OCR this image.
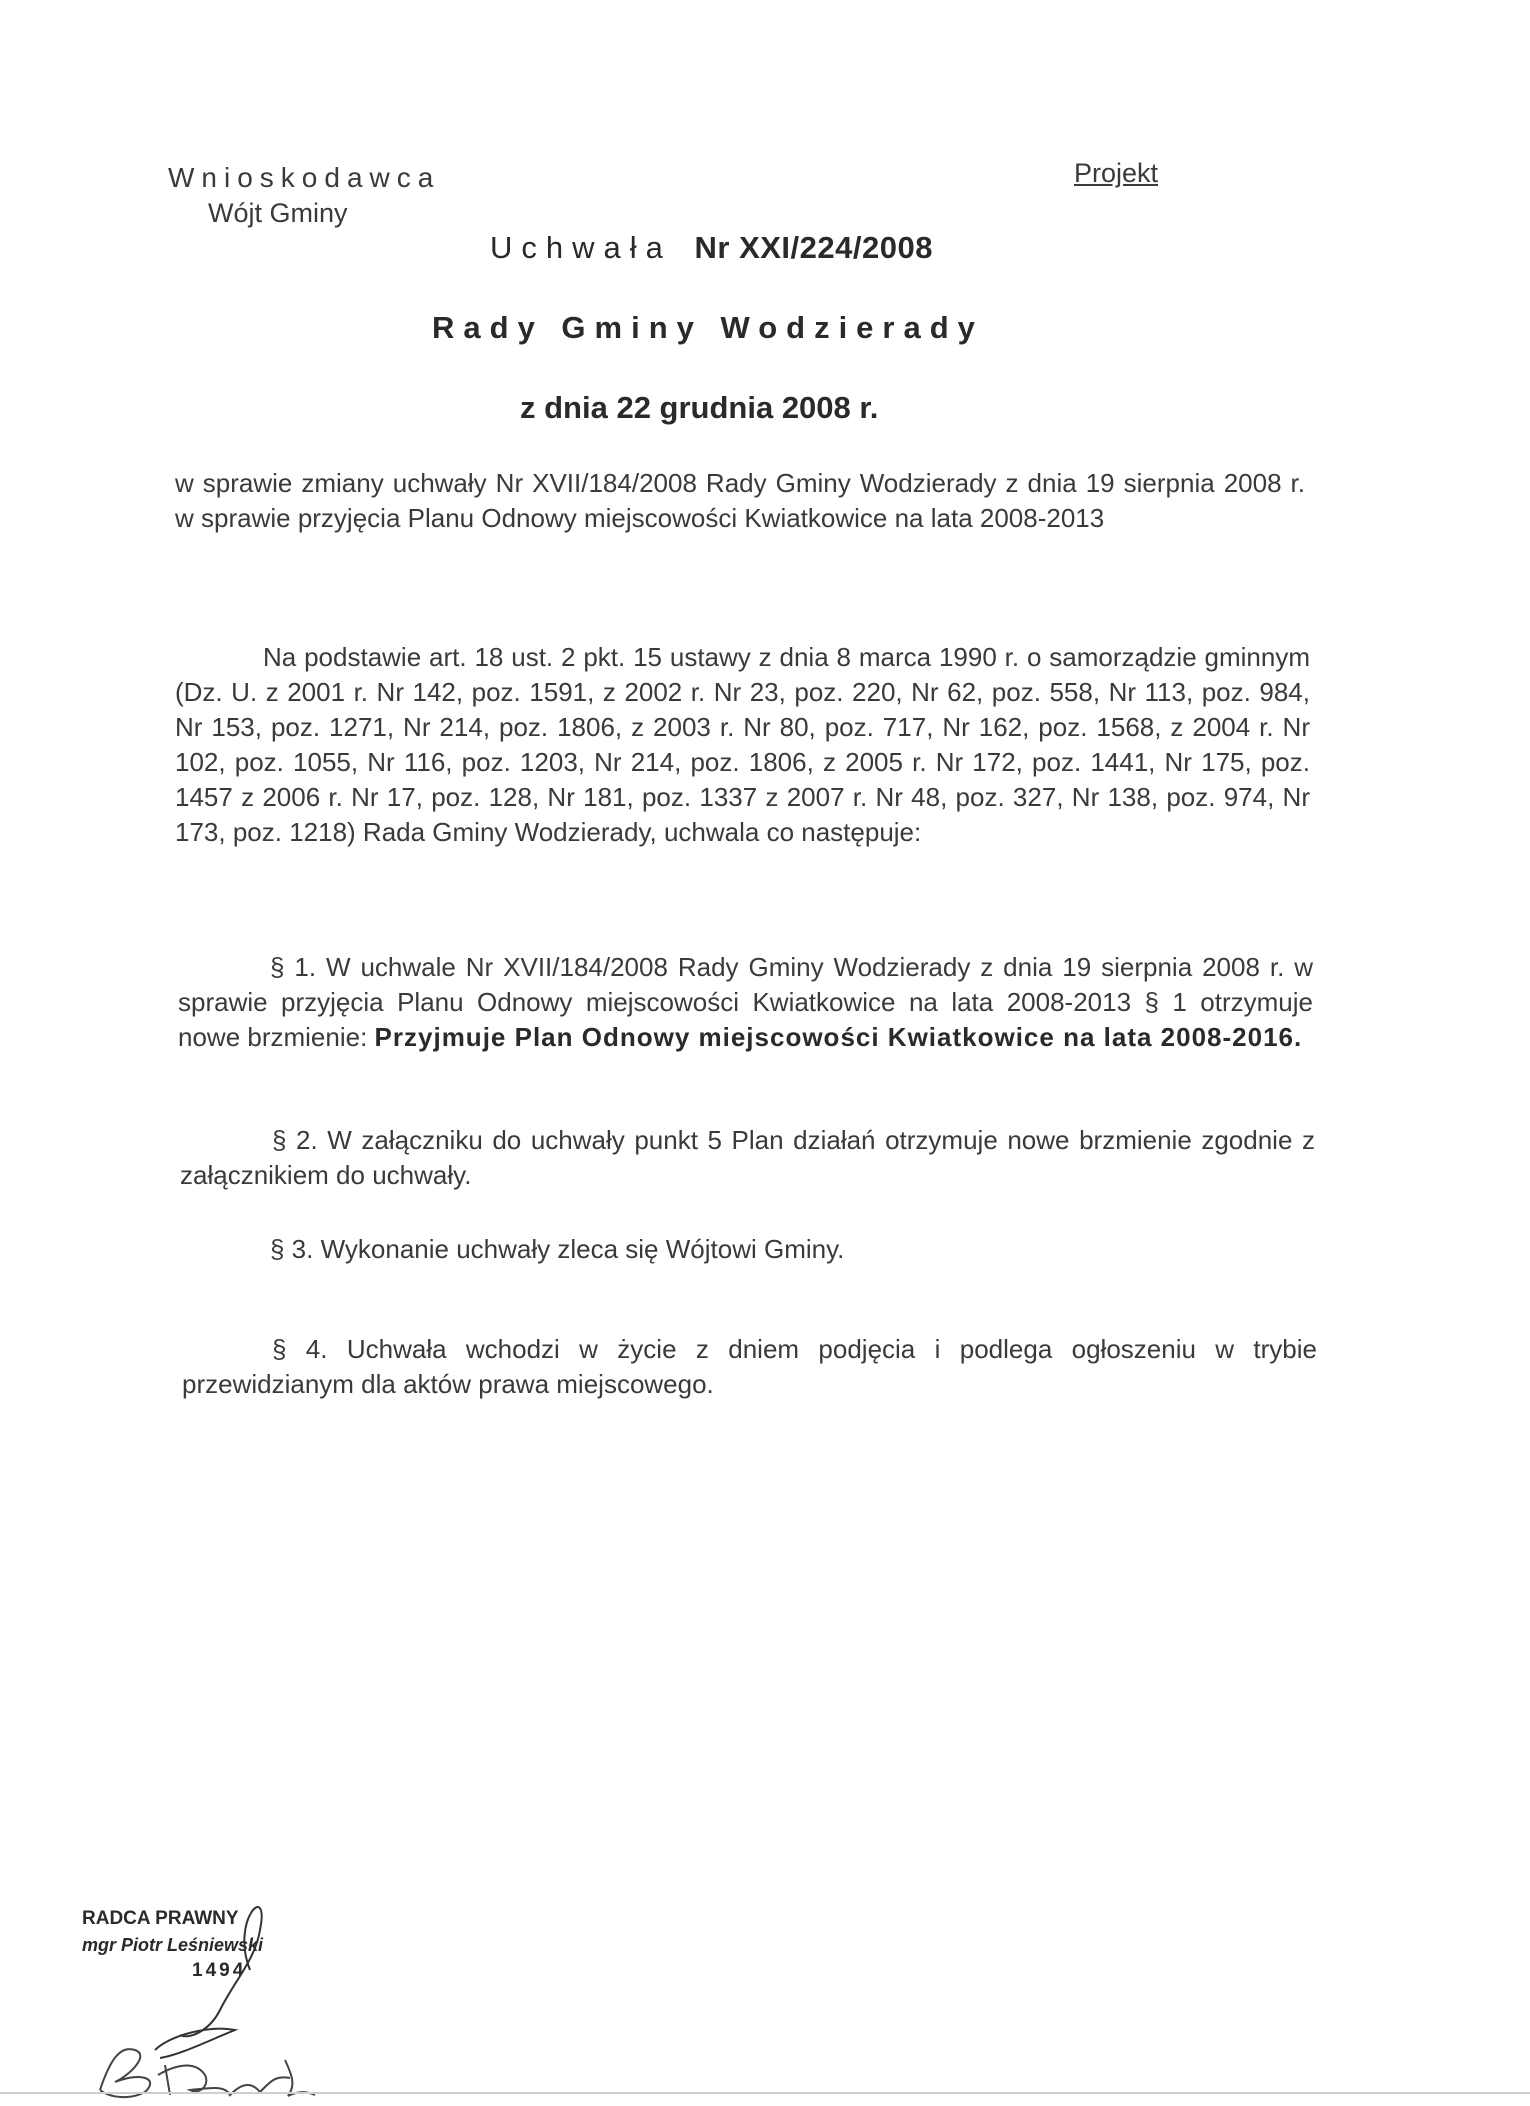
Wnioskodawca
Wójt Gminy
Projekt
Uchwała Nr XXI/224/2008
Rady Gminy Wodzierady
z dnia 22 grudnia 2008 r.
w sprawie zmiany uchwały Nr XVII/184/2008 Rady Gminy Wodzierady z dnia 19 sierpnia 2008 r. w sprawie przyjęcia Planu Odnowy miejscowości Kwiatkowice na lata 2008-2013
Na podstawie art. 18 ust. 2 pkt. 15 ustawy z dnia 8 marca 1990 r. o samorządzie gminnym (Dz. U. z 2001 r. Nr 142, poz. 1591, z 2002 r. Nr 23, poz. 220, Nr 62, poz. 558, Nr 113, poz. 984, Nr 153, poz. 1271, Nr 214, poz. 1806, z 2003 r. Nr 80, poz. 717, Nr 162, poz. 1568, z 2004 r. Nr 102, poz. 1055, Nr 116, poz. 1203, Nr 214, poz. 1806, z 2005 r. Nr 172, poz. 1441, Nr 175, poz. 1457 z 2006 r. Nr 17, poz. 128, Nr 181, poz. 1337 z 2007 r. Nr 48, poz. 327, Nr 138, poz. 974, Nr 173, poz. 1218) Rada Gminy Wodzierady, uchwala co następuje:
§ 1. W uchwale Nr XVII/184/2008 Rady Gminy Wodzierady z dnia 19 sierpnia 2008 r. w sprawie przyjęcia Planu Odnowy miejscowości Kwiatkowice na lata 2008-2013 § 1 otrzymuje nowe brzmienie: Przyjmuje Plan Odnowy miejscowości Kwiatkowice na lata 2008-2016.
§ 2. W załączniku do uchwały punkt 5 Plan działań otrzymuje nowe brzmienie zgodnie z załącznikiem do uchwały.
§ 3. Wykonanie uchwały zleca się Wójtowi Gminy.
§ 4. Uchwała wchodzi w życie z dniem podjęcia i podlega ogłoszeniu w trybie przewidzianym dla aktów prawa miejscowego.
RADCA PRAWNY
mgr Piotr Leśniewski
1494
